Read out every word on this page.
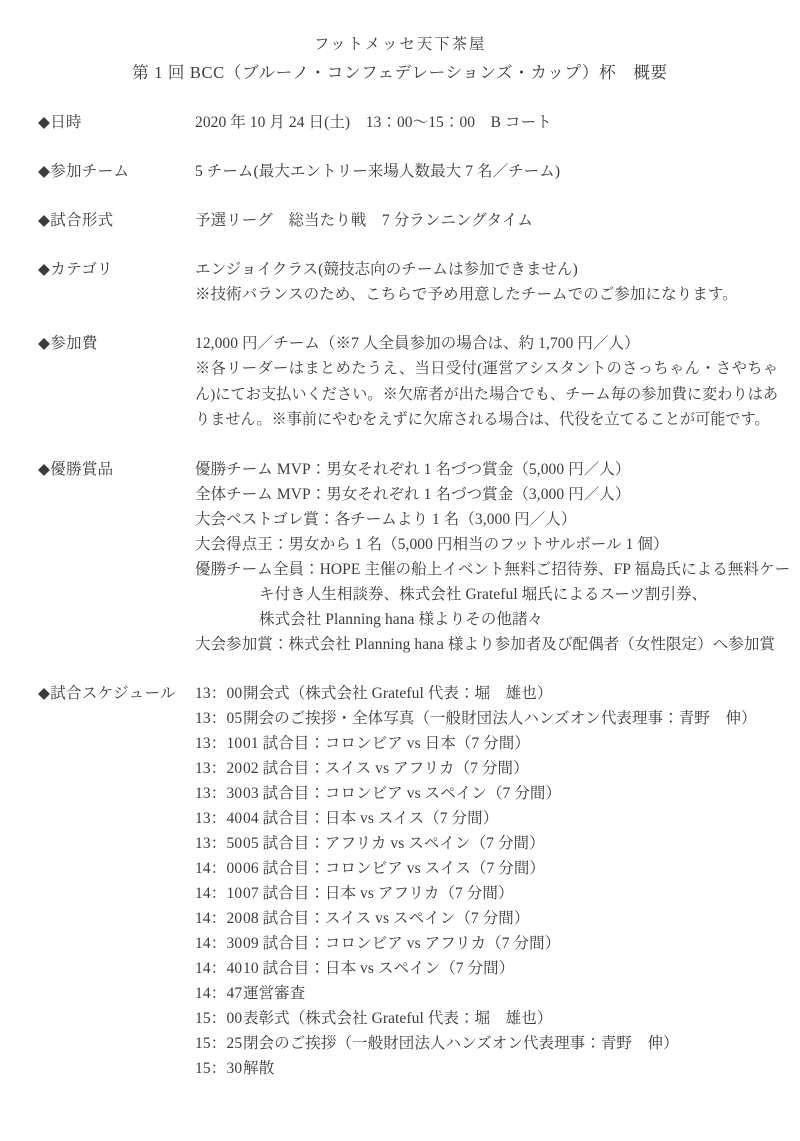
フットメッセ天下茶屋
第 1 回 BCC（ブルーノ・コンフェデレーションズ・カップ）杯　概要
◆日時	2020 年 10 月 24 日(土)　13：00〜15：00　B コート
◆参加チーム	5 チーム(最大エントリー来場人数最大 7 名／チーム)
◆試合形式	予選リーグ　総当たり戦　7 分ランニングタイム
◆カテゴリ	エンジョイクラス(競技志向のチームは参加できません)
※技術バランスのため、こちらで予め用意したチームでのご参加になります。
◆参加費	12,000 円／チーム（※7 人全員参加の場合は、約 1,700 円／人）
※各リーダーはまとめたうえ、当日受付(運営アシスタントのさっちゃん・さやちゃん)にてお支払いください。※欠席者が出た場合でも、チーム毎の参加費に変わりはありません。※事前にやむをえずに欠席される場合は、代役を立てることが可能です。
◆優勝賞品	優勝チーム MVP：男女それぞれ 1 名づつ賞金（5,000 円／人）
全体チーム MVP：男女それぞれ 1 名づつ賞金（3,000 円／人）
大会ベストゴレ賞：各チームより 1 名（3,000 円／人）
大会得点王：男女から 1 名（5,000 円相当のフットサルボール 1 個）
優勝チーム全員：HOPE 主催の船上イベント無料ご招待券、FP 福島氏による無料ケー
キ付き人生相談券、株式会社 Grateful 堀氏によるスーツ割引券、
株式会社 Planning hana 様よりその他諸々
大会参加賞：株式会社 Planning hana 様より参加者及び配偶者（女性限定）へ参加賞
◆試合スケジュール	13：00 開会式（株式会社 Grateful 代表：堀　雄也）
13：05 開会のご挨拶・全体写真（一般財団法人ハンズオン代表理事：青野　伸）
13：10 01 試合目：コロンビア vs 日本（7 分間）
13：20 02 試合目：スイス vs アフリカ（7 分間）
13：30 03 試合目：コロンビア vs スペイン（7 分間）
13：40 04 試合目：日本 vs スイス（7 分間）
13：50 05 試合目：アフリカ vs スペイン（7 分間）
14：00 06 試合目：コロンビア vs スイス（7 分間）
14：10 07 試合目：日本 vs アフリカ（7 分間）
14：20 08 試合目：スイス vs スペイン（7 分間）
14：30 09 試合目：コロンビア vs アフリカ（7 分間）
14：40 10 試合目：日本 vs スペイン（7 分間）
14：47 運営審査
15：00 表彰式（株式会社 Grateful 代表：堀　雄也）
15：25 閉会のご挨拶（一般財団法人ハンズオン代表理事：青野　伸）
15：30 解散
